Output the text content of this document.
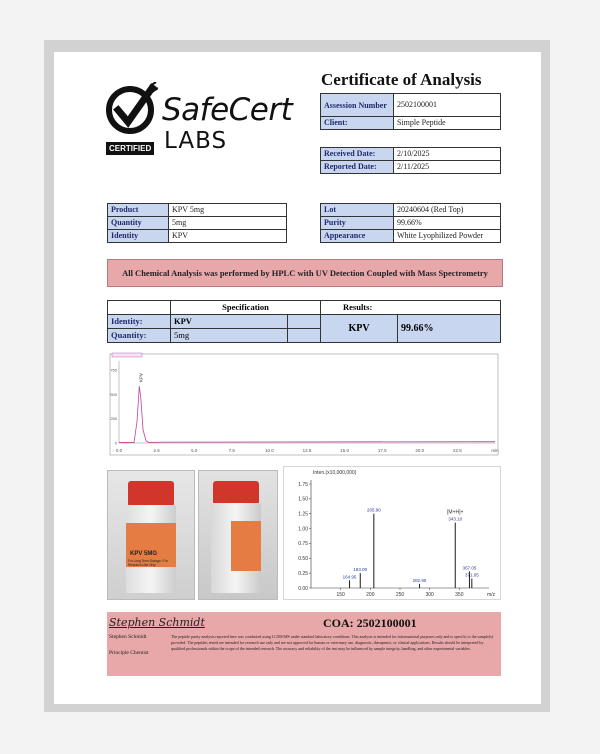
SafeCert
CERTIFIED LABS
Certificate of Analysis
Assession Number	2502100001
Client:	Simple Peptide
Received Date:	2/10/2025
Reported Date:	2/11/2025
Product	KPV 5mg
Quantity	5mg
Identity	KPV
Lot	20240604 (Red Top)
Purity	99.66%
Appearance	White Lyophilized Powder
All Chemical Analysis was performed by HPLC with UV Detection Coupled with Mass Spectrometry
	Specification		Results:	
Identity:	KPV		KPV	99.66%
Quantity:	5mg			
0.0	2.5	5.0	7.5	10.0	12.5	15.0	17.5	20.0	22.5	min
750
500
250
0
KPV
KPV 5MG
For Long Term Storage / For Research Use Only
Inten.(x10,000,000)
1.75
1.50
1.25
1.00
0.75
0.50
0.25
0.00
150	200	250	300	350	m/z
164.95
183.00
205.90
282.95
343.10
367.05
371.05
[M+H]+
Stephen Schmidt	COA: 2502100001
Stephen Schmidt
Principle Chemist
The peptide purity analysis reported here was conducted using LCMS/MS under standard laboratory conditions. This analysis is intended for informational purposes only and is specific to the sample(s) provided. The peptides tested are intended for research use only and are not approved for human or veterinary use, diagnostic, therapeutic, or clinical applications. Results should be interpreted by qualified professionals within the scope of the intended research. The accuracy and reliability of the test may be influenced by sample integrity, handling, and other experimental variables.
